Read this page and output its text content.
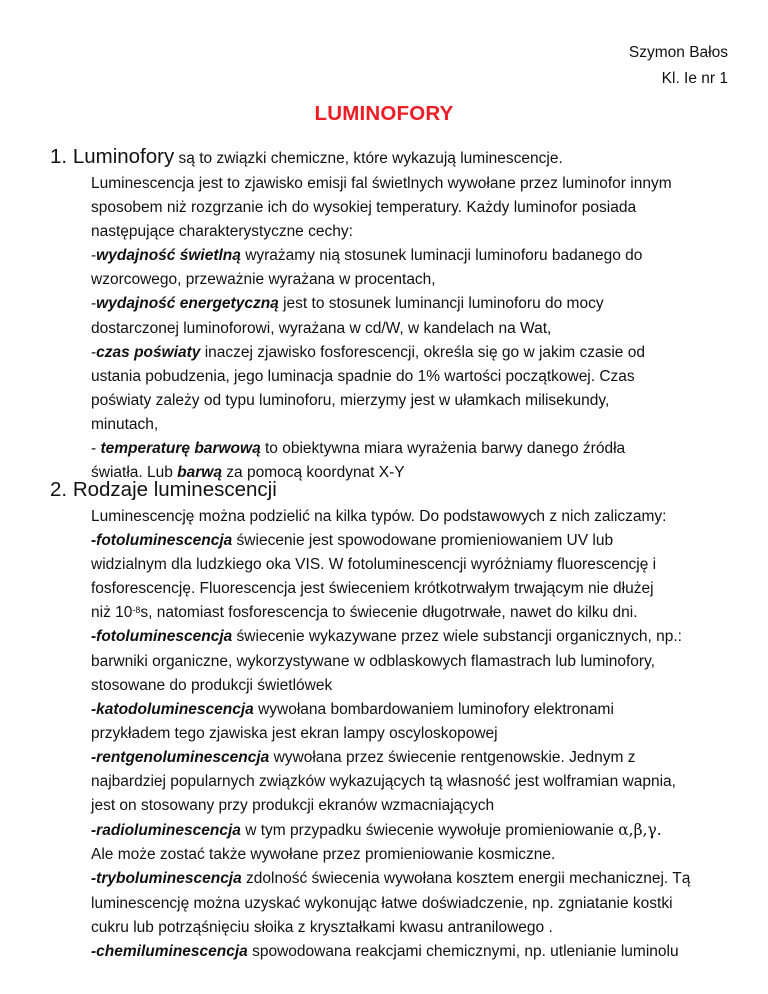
Szymon Bałos
Kl. Ie nr 1
LUMINOFORY
1. Luminofory są to związki chemiczne, które wykazują luminescencje.
Luminescencja jest to zjawisko emisji fal świetlnych wywołane przez luminofor innym
sposobem niż rozgrzanie ich do wysokiej temperatury. Każdy luminofor posiada
następujące charakterystyczne cechy:
-wydajność świetlną wyrażamy nią stosunek luminacji luminoforu badanego do
wzorcowego, przeważnie wyrażana w procentach,
-wydajność energetyczną jest to stosunek luminancji luminoforu do mocy
dostarczonej luminoforowi, wyrażana w cd/W, w kandelach na Wat,
-czas poświaty inaczej zjawisko fosforescencji, określa się go w jakim czasie od
ustania pobudzenia, jego luminacja spadnie do 1% wartości początkowej. Czas
poświaty zależy od typu luminoforu, mierzymy jest w ułamkach milisekundy,
minutach,
- temperaturę barwową to obiektywna miara wyrażenia barwy danego źródła
światła. Lub barwą za pomocą koordynat X-Y
2. Rodzaje luminescencji
Luminescencję można podzielić na kilka typów. Do podstawowych z nich zaliczamy:
-fotoluminescencja świecenie jest spowodowane promieniowaniem UV lub
widzialnym dla ludzkiego oka VIS. W fotoluminescencji wyróżniamy fluorescencję i
fosforescencję. Fluorescencja jest świeceniem krótkotrwałym trwającym nie dłużej
niż $10^{-8}s$, natomiast fosforescencja to świecenie długotrwałe, nawet do kilku dni.
-fotoluminescencja świecenie wykazywane przez wiele substancji organicznych, np.:
barwniki organiczne, wykorzystywane w odblaskowych flamastrach lub luminofory,
stosowane do produkcji świetlówek
-katodoluminescencja wywołana bombardowaniem luminofory elektronami
przykładem tego zjawiska jest ekran lampy oscyloskopowej
-rentgenoluminescencja wywołana przez świecenie rentgenowskie. Jednym z
najbardziej popularnych związków wykazujących tą własność jest wolframian wapnia,
jest on stosowany przy produkcji ekranów wzmacniających
-radioluminescencja w tym przypadku świecenie wywołuje promieniowanie α,β,γ.
Ale może zostać także wywołane przez promieniowanie kosmiczne.
-tryboluminescencja zdolność świecenia wywołana kosztem energii mechanicznej. Tą
luminescencję można uzyskać wykonując łatwe doświadczenie, np. zgniatanie kostki
cukru lub potrząśnięciu słoika z kryształkami kwasu antranilowego .
-chemiluminescencja spowodowana reakcjami chemicznymi, np. utlenianie luminolu
